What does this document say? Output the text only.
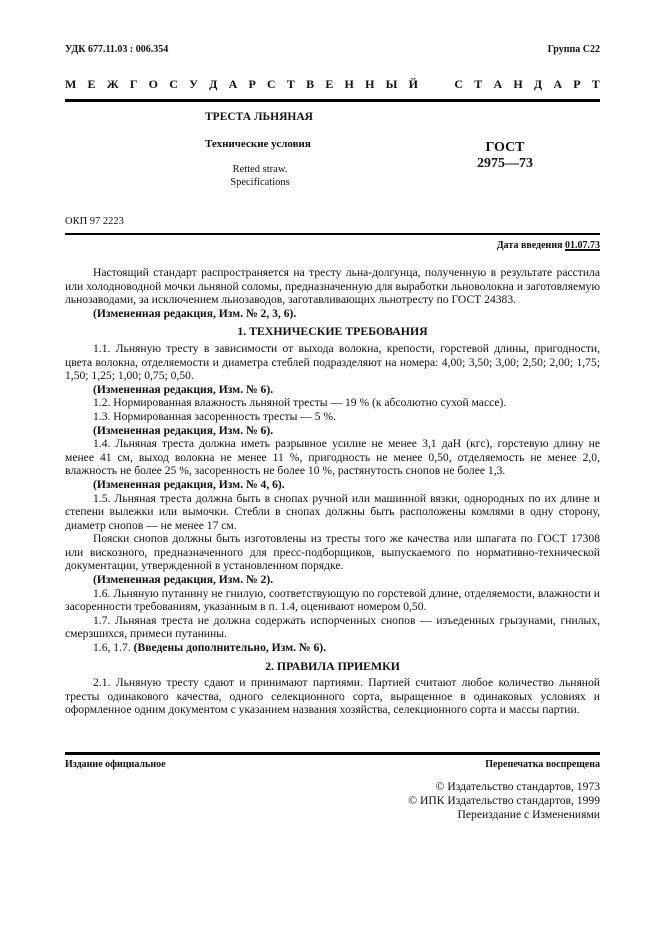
УДК 677.11.03 : 006.354	Группа С22
М Е Ж Г О С У Д А Р С Т В Е Н Н Ы Й	С Т А Н Д А Р Т
ТРЕСТА ЛЬНЯНАЯ
Технические условия
Retted straw.
Specifications
ГОСТ
2975—73
ОКП 97 2223
Дата введения 01.07.73

Настоящий стандарт распространяется на тресту льна-долгунца, полученную в результате расстила или холодноводной мочки льняной соломы, предназначенную для выработки льноволокна и заготовляемую льнозаводами, за исключением льнозаводов, заготавливающих льнотресту по ГОСТ 24383.

(Измененная редакция, Изм. № 2, 3, 6).

1. ТЕХНИЧЕСКИЕ ТРЕБОВАНИЯ

1.1. Льняную тресту в зависимости от выхода волокна, крепости, горстевой длины, пригодности, цвета волокна, отделяемости и диаметра стеблей подразделяют на номера: 4,00; 3,50; 3,00; 2,50; 2,00; 1,75; 1,50; 1,25; 1,00; 0,75; 0,50.

(Измененная редакция, Изм. № 6).

1.2. Нормированная влажность льняной тресты — 19 % (к абсолютно сухой массе).

1.3. Нормированная засоренность тресты — 5 %.

(Измененная редакция, Изм. № 6).

1.4. Льняная треста должна иметь разрывное усилие не менее 3,1 даН (кгс), горстевую длину не менее 41 см, выход волокна не менее 11 %, пригодность не менее 0,50, отделяемость не менее 2,0, влажность не более 25 %, засоренность не более 10 %, растянутость снопов не более 1,3.

(Измененная редакция, Изм. № 4, 6).

1.5. Льняная треста должна быть в снопах ручной или машинной вязки, однородных по их длине и степени вылежки или вымочки. Стебли в снопах должны быть расположены комлями в одну сторону, диаметр снопов — не менее 17 см.

Пояски снопов должны быть изготовлены из тресты того же качества или шпагата по ГОСТ 17308 или вискозного, предназначенного для пресс-подборщиков, выпускаемого по нормативно-технической документации, утвержденной в установленном порядке.

(Измененная редакция, Изм. № 2).

1.6. Льняную путанину не гнилую, соответствующую по горстевой длине, отделяемости, влажности и засоренности требованиям, указанным в п. 1.4, оценивают номером 0,50.

1.7. Льняная треста не должна содержать испорченных снопов — изъеденных грызунами, гнилых, смерзшихся, примеси путанины.

1.6, 1.7. (Введены дополнительно, Изм. № 6).

2. ПРАВИЛА ПРИЕМКИ

2.1. Льняную тресту сдают и принимают партиями. Партией считают любое количество льняной тресты одинакового качества, одного селекционного сорта, выращенное в одинаковых условиях и оформленное одним документом с указанием названия хозяйства, селекционного сорта и массы партии.

Издание официальное	Перепечатка воспрещена
© Издательство стандартов, 1973
© ИПК Издательство стандартов, 1999
Переиздание с Изменениями
